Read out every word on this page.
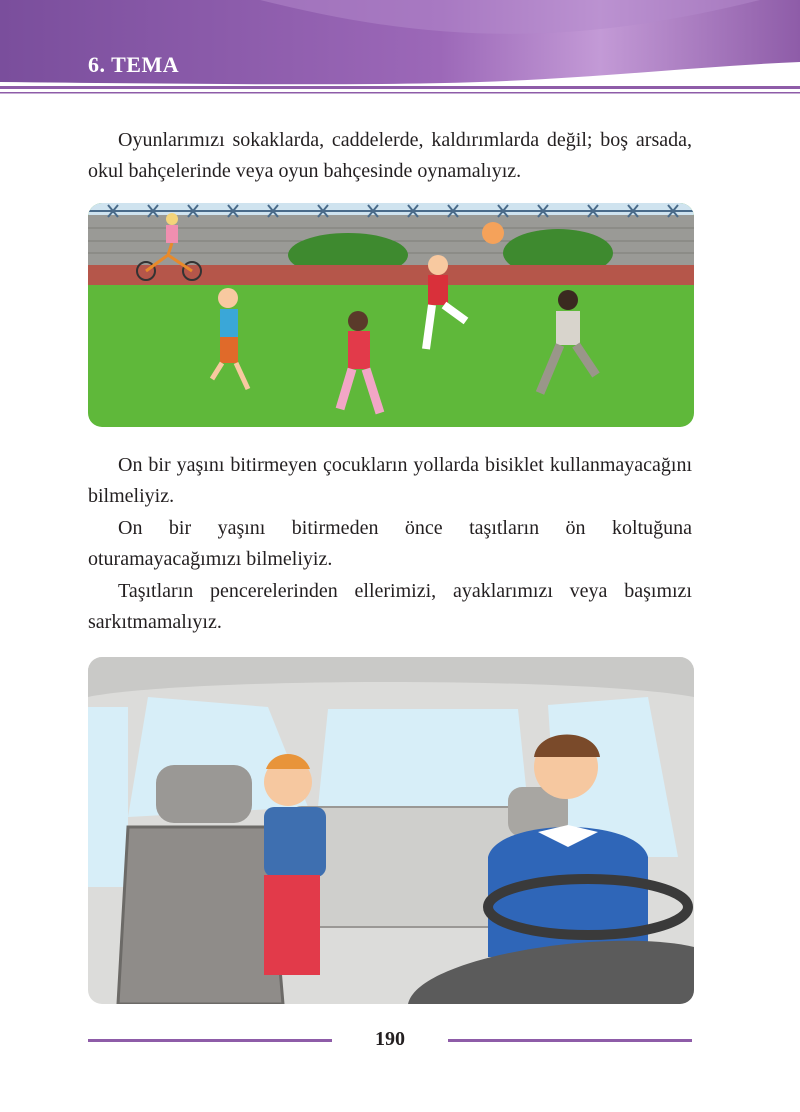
6. TEMA

Oyunlarımızı sokaklarda, caddelerde, kaldırımlarda değil; boş arsada, okul bahçelerinde veya oyun bahçesinde oynamalıyız.

On bir yaşını bitirmeyen çocukların yollarda bisiklet kullanmayacağını bilmeliyiz.

On bir yaşını bitirmeden önce taşıtların ön koltuğuna oturamayacağımızı bilmeliyiz.

Taşıtların pencerelerinden ellerimizi, ayaklarımızı veya başımızı sarkıtmamalıyız.

190
